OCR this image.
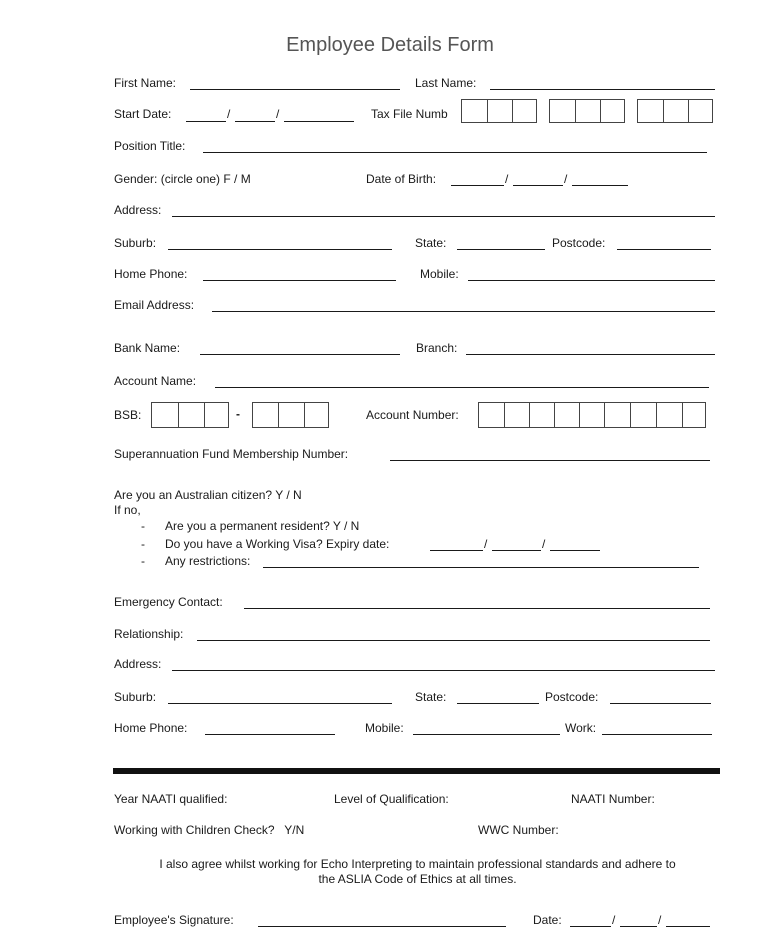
Employee Details Form
First Name:	Last Name:
Start Date:	/	/	Tax File Numb
Position Title:
Gender: (circle one) F / M	Date of Birth:	/	/
Address:
Suburb:	State:	Postcode:
Home Phone:	Mobile:
Email Address:
Bank Name:	Branch:
Account Name:
BSB:	-	Account Number:
Superannuation Fund Membership Number:
Are you an Australian citizen? Y / N
If no,
- Are you a permanent resident? Y / N
- Do you have a Working Visa? Expiry date:	/	/
- Any restrictions:
Emergency Contact:
Relationship:
Address:
Suburb:	State:	Postcode:
Home Phone:	Mobile:	Work:
Year NAATI qualified:	Level of Qualification:	NAATI Number:
Working with Children Check?   Y/N	WWC Number:
I also agree whilst working for Echo Interpreting to maintain professional standards and adhere to
the ASLIA Code of Ethics at all times.
Employee's Signature:	Date:	/	/
